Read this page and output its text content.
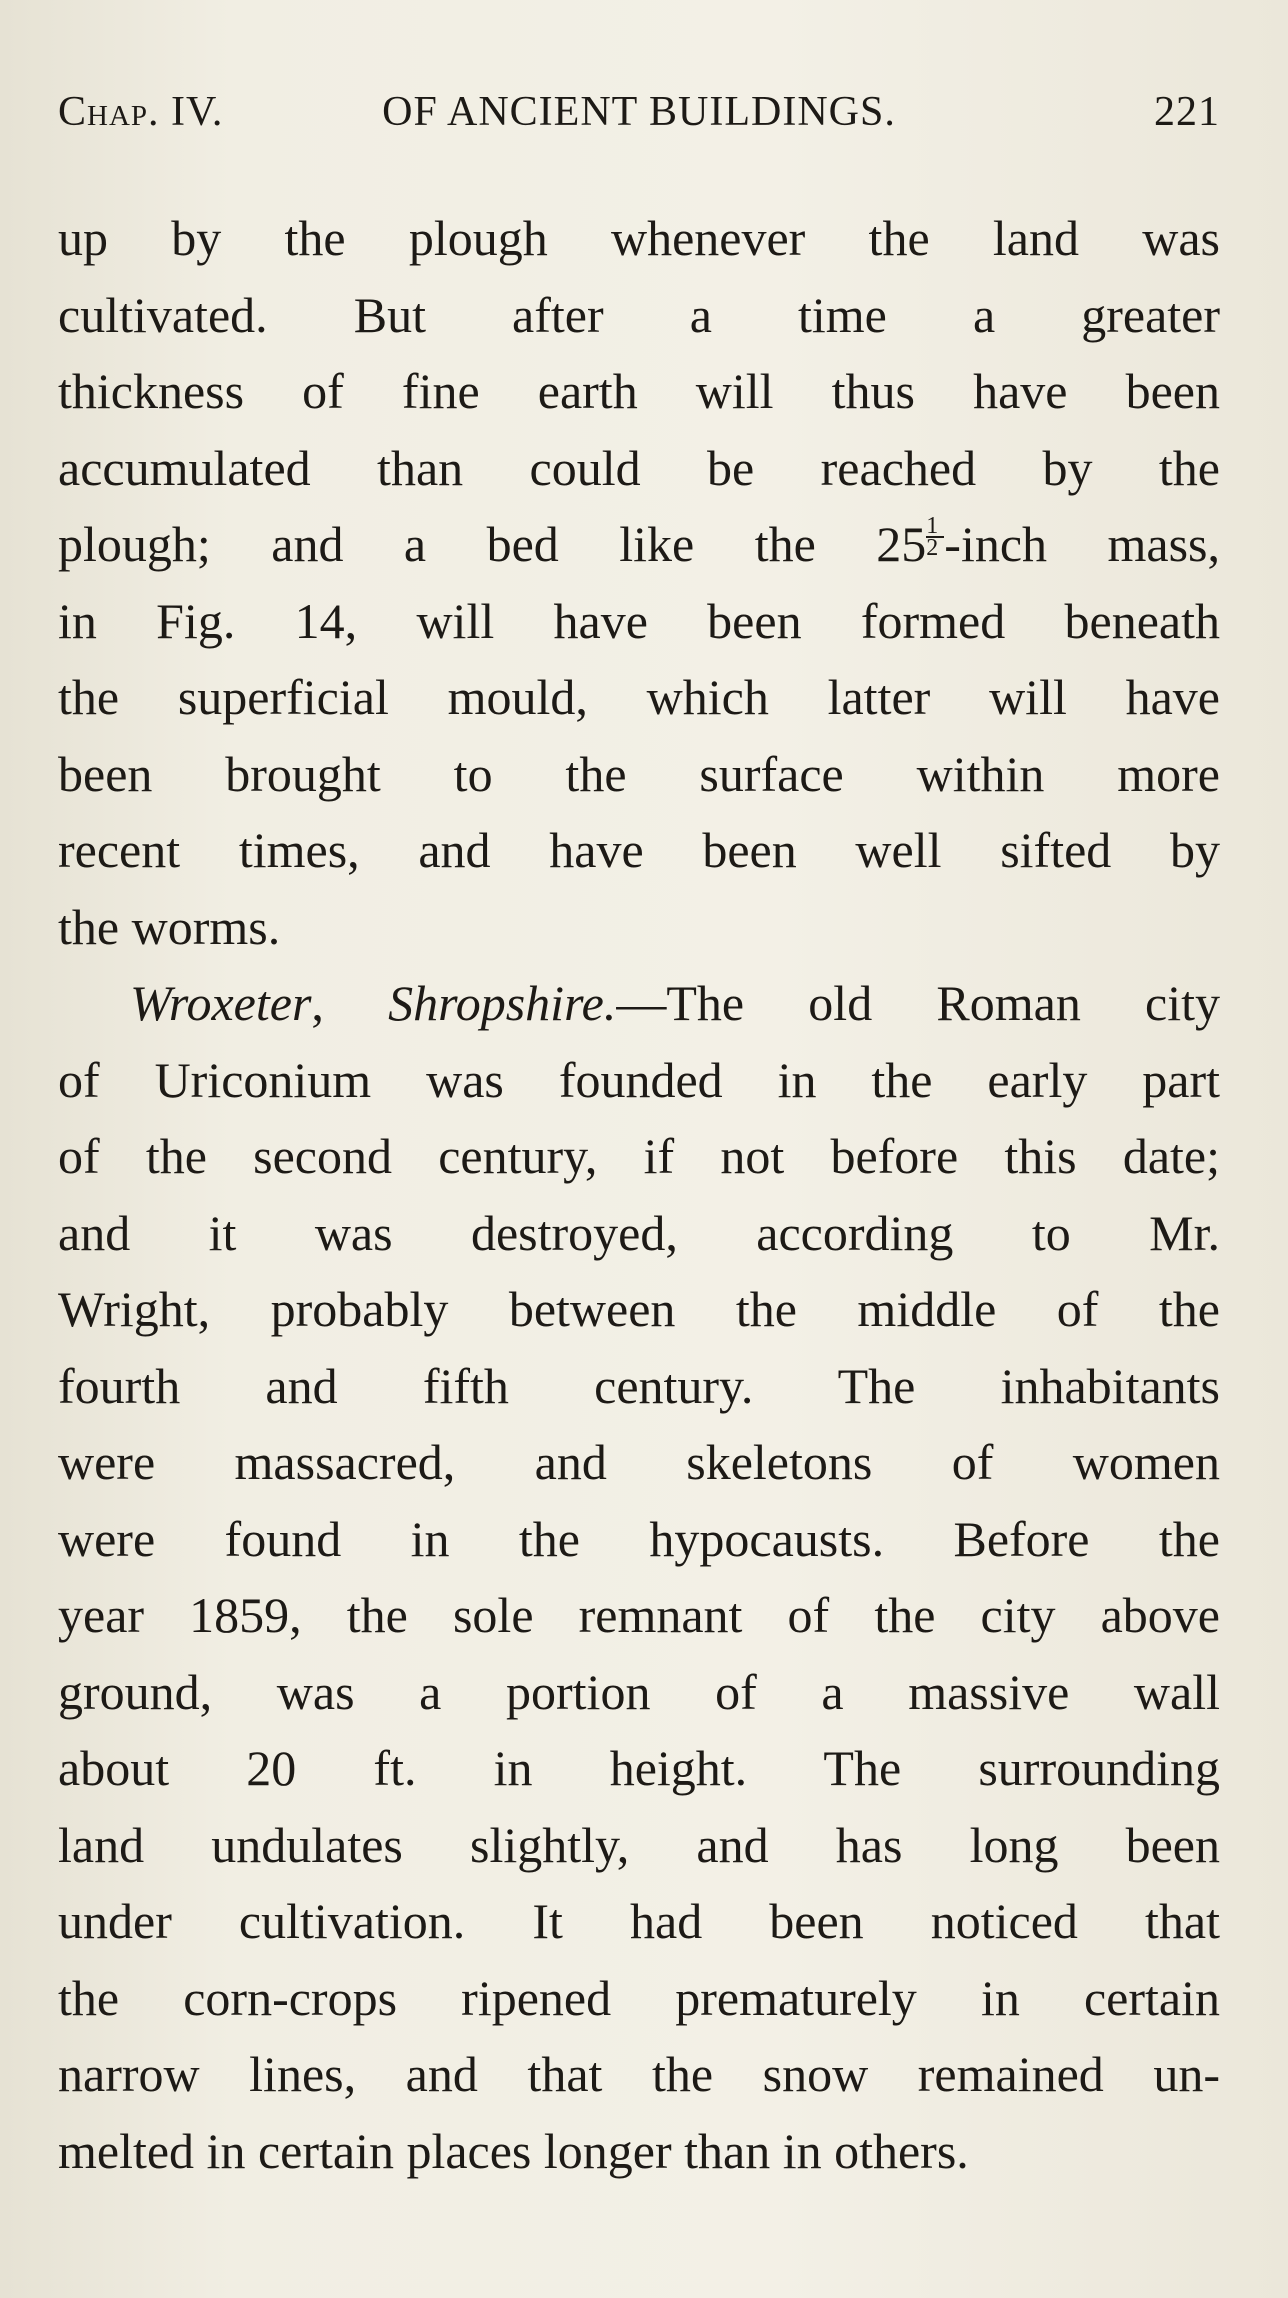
Chap. IV.	OF ANCIENT BUILDINGS.	221
up by the plough whenever the land was
cultivated. But after a time a greater
thickness of fine earth will thus have been
accumulated than could be reached by the
plough; and a bed like the $25 \frac{1}{2}$ -inch mass,
in Fig. 14, will have been formed beneath
the superficial mould, which latter will have
been brought to the surface within more
recent times, and have been well sifted by
the worms.
Wroxeter, Shropshire.—The old Roman city
of Uriconium was founded in the early part
of the second century, if not before this date;
and it was destroyed, according to Mr.
Wright, probably between the middle of the
fourth and fifth century. The inhabitants
were massacred, and skeletons of women
were found in the hypocausts. Before the
year 1859, the sole remnant of the city above
ground, was a portion of a massive wall
about 20 ft. in height. The surrounding
land undulates slightly, and has long been
under cultivation. It had been noticed that
the corn-crops ripened prematurely in certain
narrow lines, and that the snow remained un-
melted in certain places longer than in others.
